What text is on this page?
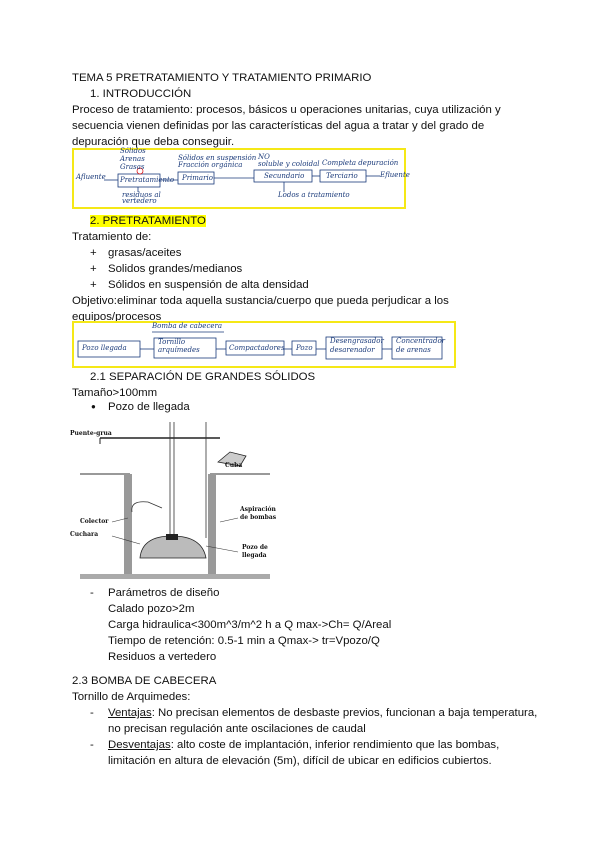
TEMA 5 PRETRATAMIENTO Y TRATAMIENTO PRIMARIO
1. INTRODUCCIÓN
Proceso de tratamiento: procesos, básicos u operaciones unitarias, cuya utilización y
secuencia vienen definidas por las características del agua a tratar y del grado de
depuración que deba conseguir.
Afluente
Sólidos
Arenas
Grasas
Pretratamiento
residuos al
vertedero
Sólidos en suspensión
Fracción orgánica
Primario
NO
soluble y coloidal
Secundario
Lodos a tratamiento
Completa depuración
Terciario	Efluente
2. PRETRATAMIENTO
Tratamiento de:
+ grasas/aceites
+ Solidos grandes/medianos
+ Sólidos en suspensión de alta densidad
Objetivo:eliminar toda aquella sustancia/cuerpo que pueda perjudicar a los
equipos/procesos
Bomba de cabecera
Pozo llegada
Tornillo arquímedes	Compactadores Pozo
Desengrasador desarenador
Concentrador de arenas
2.1 SEPARACIÓN DE GRANDES SÓLIDOS
Tamaño>100mm
● Pozo de llegada
Puente-grua
Cuba
Colector
Cuchara
Aspiración
de bombas
Pozo de
llegada
- Parámetros de diseño
Calado pozo>2m
Carga hidraulica<300m^3/m^2 h a Q max->Ch= Q/Areal
Tiempo de retención: 0.5-1 min a Qmax-> tr=Vpozo/Q
Residuos a vertedero
2.3 BOMBA DE CABECERA
Tornillo de Arquimedes:
- Ventajas: No precisan elementos de desbaste previos, funcionan a baja temperatura,
no precisan regulación ante oscilaciones de caudal
- Desventajas: alto coste de implantación, inferior rendimiento que las bombas,
limitación en altura de elevación (5m), difícil de ubicar en edificios cubiertos.
